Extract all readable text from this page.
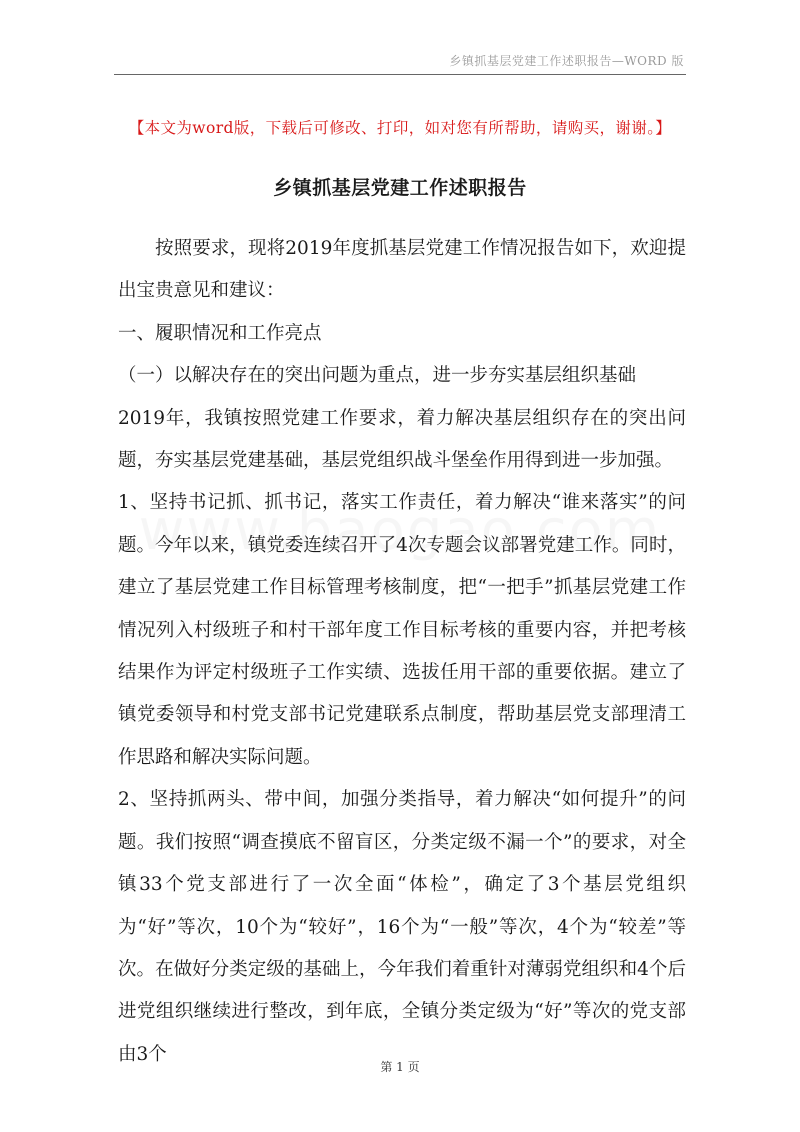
乡镇抓基层党建工作述职报告—WORD 版
【本文为word版，下载后可修改、打印，如对您有所帮助，请购买，谢谢。】
乡镇抓基层党建工作述职报告

按照要求，现将2019年度抓基层党建工作情况报告如下，欢迎提出宝贵意见和建议：

一、履职情况和工作亮点

（一）以解决存在的突出问题为重点，进一步夯实基层组织基础

2019年，我镇按照党建工作要求，着力解决基层组织存在的突出问题，夯实基层党建基础，基层党组织战斗堡垒作用得到进一步加强。

1、坚持书记抓、抓书记，落实工作责任，着力解决“谁来落实”的问题。今年以来，镇党委连续召开了4次专题会议部署党建工作。同时，建立了基层党建工作目标管理考核制度，把“一把手”抓基层党建工作情况列入村级班子和村干部年度工作目标考核的重要内容，并把考核结果作为评定村级班子工作实绩、选拔任用干部的重要依据。建立了镇党委领导和村党支部书记党建联系点制度，帮助基层党支部理清工作思路和解决实际问题。

2、坚持抓两头、带中间，加强分类指导，着力解决“如何提升”的问题。我们按照“调查摸底不留盲区，分类定级不漏一个”的要求，对全镇33个党支部进行了一次全面“体检”，确定了3个基层党组织为“好”等次，10个为“较好”，16个为“一般”等次，4个为“较差”等次。在做好分类定级的基础上，今年我们着重针对薄弱党组织和4个后进党组织继续进行整改，到年底，全镇分类定级为“好”等次的党支部由3个

第 1 页
